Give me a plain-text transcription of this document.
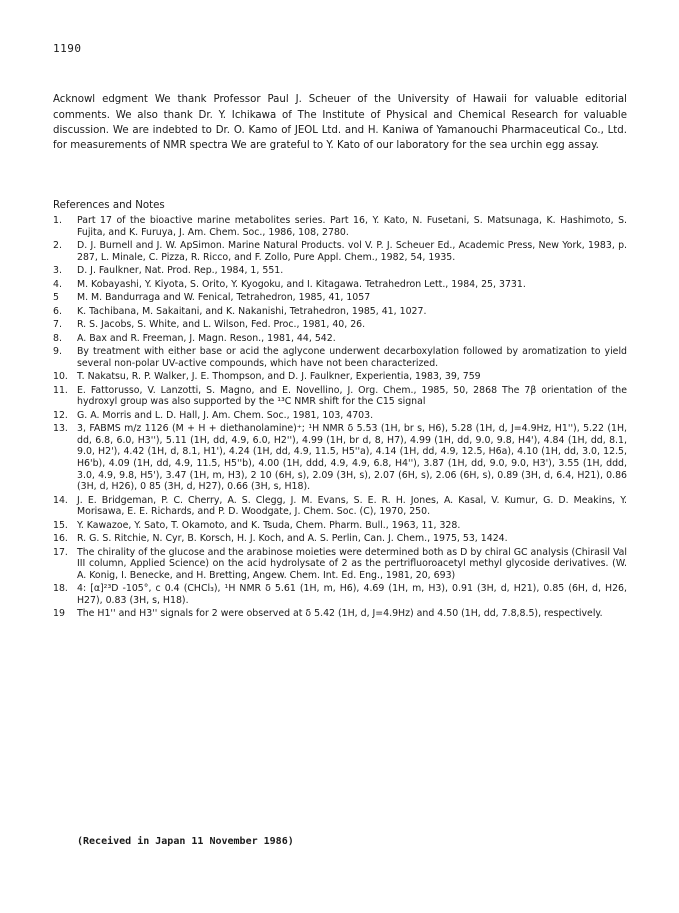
1190

Acknowl edgment We thank Professor Paul J. Scheuer of the University of Hawaii for valuable editorial comments. We also thank Dr. Y. Ichikawa of The Institute of Physical and Chemical Research for valuable discussion. We are indebted to Dr. O. Kamo of JEOL Ltd. and H. Kaniwa of Yamanouchi Pharmaceutical Co., Ltd. for measurements of NMR spectra We are grateful to Y. Kato of our laboratory for the sea urchin egg assay.

References and Notes
1.	Part 17 of the bioactive marine metabolites series. Part 16, Y. Kato, N. Fusetani, S. Matsunaga, K. Hashimoto, S. Fujita, and K. Furuya, J. Am. Chem. Soc., 1986, 108, 2780.
2.	D. J. Burnell and J. W. ApSimon. Marine Natural Products. vol V. P. J. Scheuer Ed., Academic Press, New York, 1983, p. 287, L. Minale, C. Pizza, R. Ricco, and F. Zollo, Pure Appl. Chem., 1982, 54, 1935.
3.	D. J. Faulkner, Nat. Prod. Rep., 1984, 1, 551.
4.	M. Kobayashi, Y. Kiyota, S. Orito, Y. Kyogoku, and I. Kitagawa. Tetrahedron Lett., 1984, 25, 3731.
5	M. M. Bandurraga and W. Fenical, Tetrahedron, 1985, 41, 1057
6.	K. Tachibana, M. Sakaitani, and K. Nakanishi, Tetrahedron, 1985, 41, 1027.
7.	R. S. Jacobs, S. White, and L. Wilson, Fed. Proc., 1981, 40, 26.
8.	A. Bax and R. Freeman, J. Magn. Reson., 1981, 44, 542.
9.	By treatment with either base or acid the aglycone underwent decarboxylation followed by aromatization to yield several non-polar UV-active compounds, which have not been characterized.
10. T. Nakatsu, R. P. Walker, J. E. Thompson, and D. J. Faulkner, Experientia, 1983, 39, 759
11. E. Fattorusso, V. Lanzotti, S. Magno, and E. Novellino, J. Org. Chem., 1985, 50, 2868 The 7β orientation of the hydroxyl group was also supported by the ¹³C NMR shift for the C15 signal
12. G. A. Morris and L. D. Hall, J. Am. Chem. Soc., 1981, 103, 4703.
13. 3, FABMS m/z 1126 (M + H + diethanolamine)⁺; ¹H NMR δ 5.53 (1H, br s, H6), 5.28 (1H, d, J=4.9Hz, H1''), 5.22 (1H, dd, 6.8, 6.0, H3''), 5.11 (1H, dd, 4.9, 6.0, H2''), 4.99 (1H, br d, 8, H7), 4.99 (1H, dd, 9.0, 9.8, H4'), 4.84 (1H, dd, 8.1, 9.0, H2'), 4.42 (1H, d, 8.1, H1'), 4.24 (1H, dd, 4.9, 11.5, H5''a), 4.14 (1H, dd, 4.9, 12.5, H6a), 4.10 (1H, dd, 3.0, 12.5, H6'b), 4.09 (1H, dd, 4.9, 11.5, H5''b), 4.00 (1H, ddd, 4.9, 4.9, 6.8, H4''), 3.87 (1H, dd, 9.0, 9.0, H3'), 3.55 (1H, ddd, 3.0, 4.9, 9.8, H5'), 3.47 (1H, m, H3), 2 10 (6H, s), 2.09 (3H, s), 2.07 (6H, s), 2.06 (6H, s), 0.89 (3H, d, 6.4, H21), 0.86 (3H, d, H26), 0 85 (3H, d, H27), 0.66 (3H, s, H18).
14. J. E. Bridgeman, P. C. Cherry, A. S. Clegg, J. M. Evans, S. E. R. H. Jones, A. Kasal, V. Kumur, G. D. Meakins, Y. Morisawa, E. E. Richards, and P. D. Woodgate, J. Chem. Soc. (C), 1970, 250.
15. Y. Kawazoe, Y. Sato, T. Okamoto, and K. Tsuda, Chem. Pharm. Bull., 1963, 11, 328.
16. R. G. S. Ritchie, N. Cyr, B. Korsch, H. J. Koch, and A. S. Perlin, Can. J. Chem., 1975, 53, 1424.
17. The chirality of the glucose and the arabinose moieties were determined both as D by chiral GC analysis (Chirasil Val III column, Applied Science) on the acid hydrolysate of 2 as the pertrifluoroacetyl methyl glycoside derivatives. (W. A. Konig, I. Benecke, and H. Bretting, Angew. Chem. Int. Ed. Eng., 1981, 20, 693)
18. 4: [α]²³D -105°, c 0.4 (CHCl₃), ¹H NMR δ 5.61 (1H, m, H6), 4.69 (1H, m, H3), 0.91 (3H, d, H21), 0.85 (6H, d, H26, H27), 0.83 (3H, s, H18).
19	The H1'' and H3'' signals for 2 were observed at δ 5.42 (1H, d, J=4.9Hz) and 4.50 (1H, dd, 7.8,8.5), respectively.
(Received in Japan 11 November 1986)
